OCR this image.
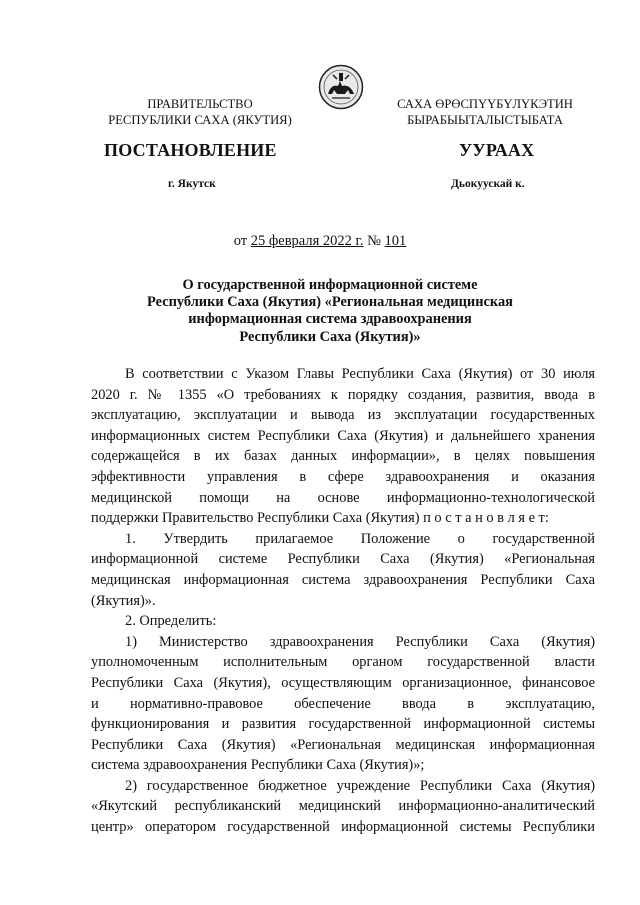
ПРАВИТЕЛЬСТВО
РЕСПУБЛИКИ САХА (ЯКУТИЯ)
САХА ӨРӨСПҮҮБҮЛҮКЭТИН
БЫРАБЫЫТАЛЫСТЫБАТА
ПОСТАНОВЛЕНИЕ	УУРААХ
г. Якутск	Дьокуускай к.
от 25 февраля 2022 г. № 101
О государственной информационной системе
Республики Саха (Якутия) «Региональная медицинская
информационная система здравоохранения
Республики Саха (Якутия)»
В соответствии с Указом Главы Республики Саха (Якутия) от 30 июля
2020 г. № 1355 «О требованиях к порядку создания, развития, ввода в
эксплуатацию, эксплуатации и вывода из эксплуатации государственных
информационных систем Республики Саха (Якутия) и дальнейшего хранения
содержащейся в их базах данных информации», в целях повышения
эффективности управления в сфере здравоохранения и оказания
медицинской помощи на основе информационно-технологической
поддержки Правительство Республики Саха (Якутия) п о с т а н о в л я е т:
1. Утвердить прилагаемое Положение о государственной
информационной системе Республики Саха (Якутия) «Региональная
медицинская информационная система здравоохранения Республики Саха
(Якутия)».
2. Определить:
1) Министерство здравоохранения Республики Саха (Якутия)
уполномоченным исполнительным органом государственной власти
Республики Саха (Якутия), осуществляющим организационное, финансовое
и нормативно-правовое обеспечение ввода в эксплуатацию,
функционирования и развития государственной информационной системы
Республики Саха (Якутия) «Региональная медицинская информационная
система здравоохранения Республики Саха (Якутия)»;
2) государственное бюджетное учреждение Республики Саха (Якутия)
«Якутский республиканский медицинский информационно-аналитический
центр» оператором государственной информационной системы Республики
